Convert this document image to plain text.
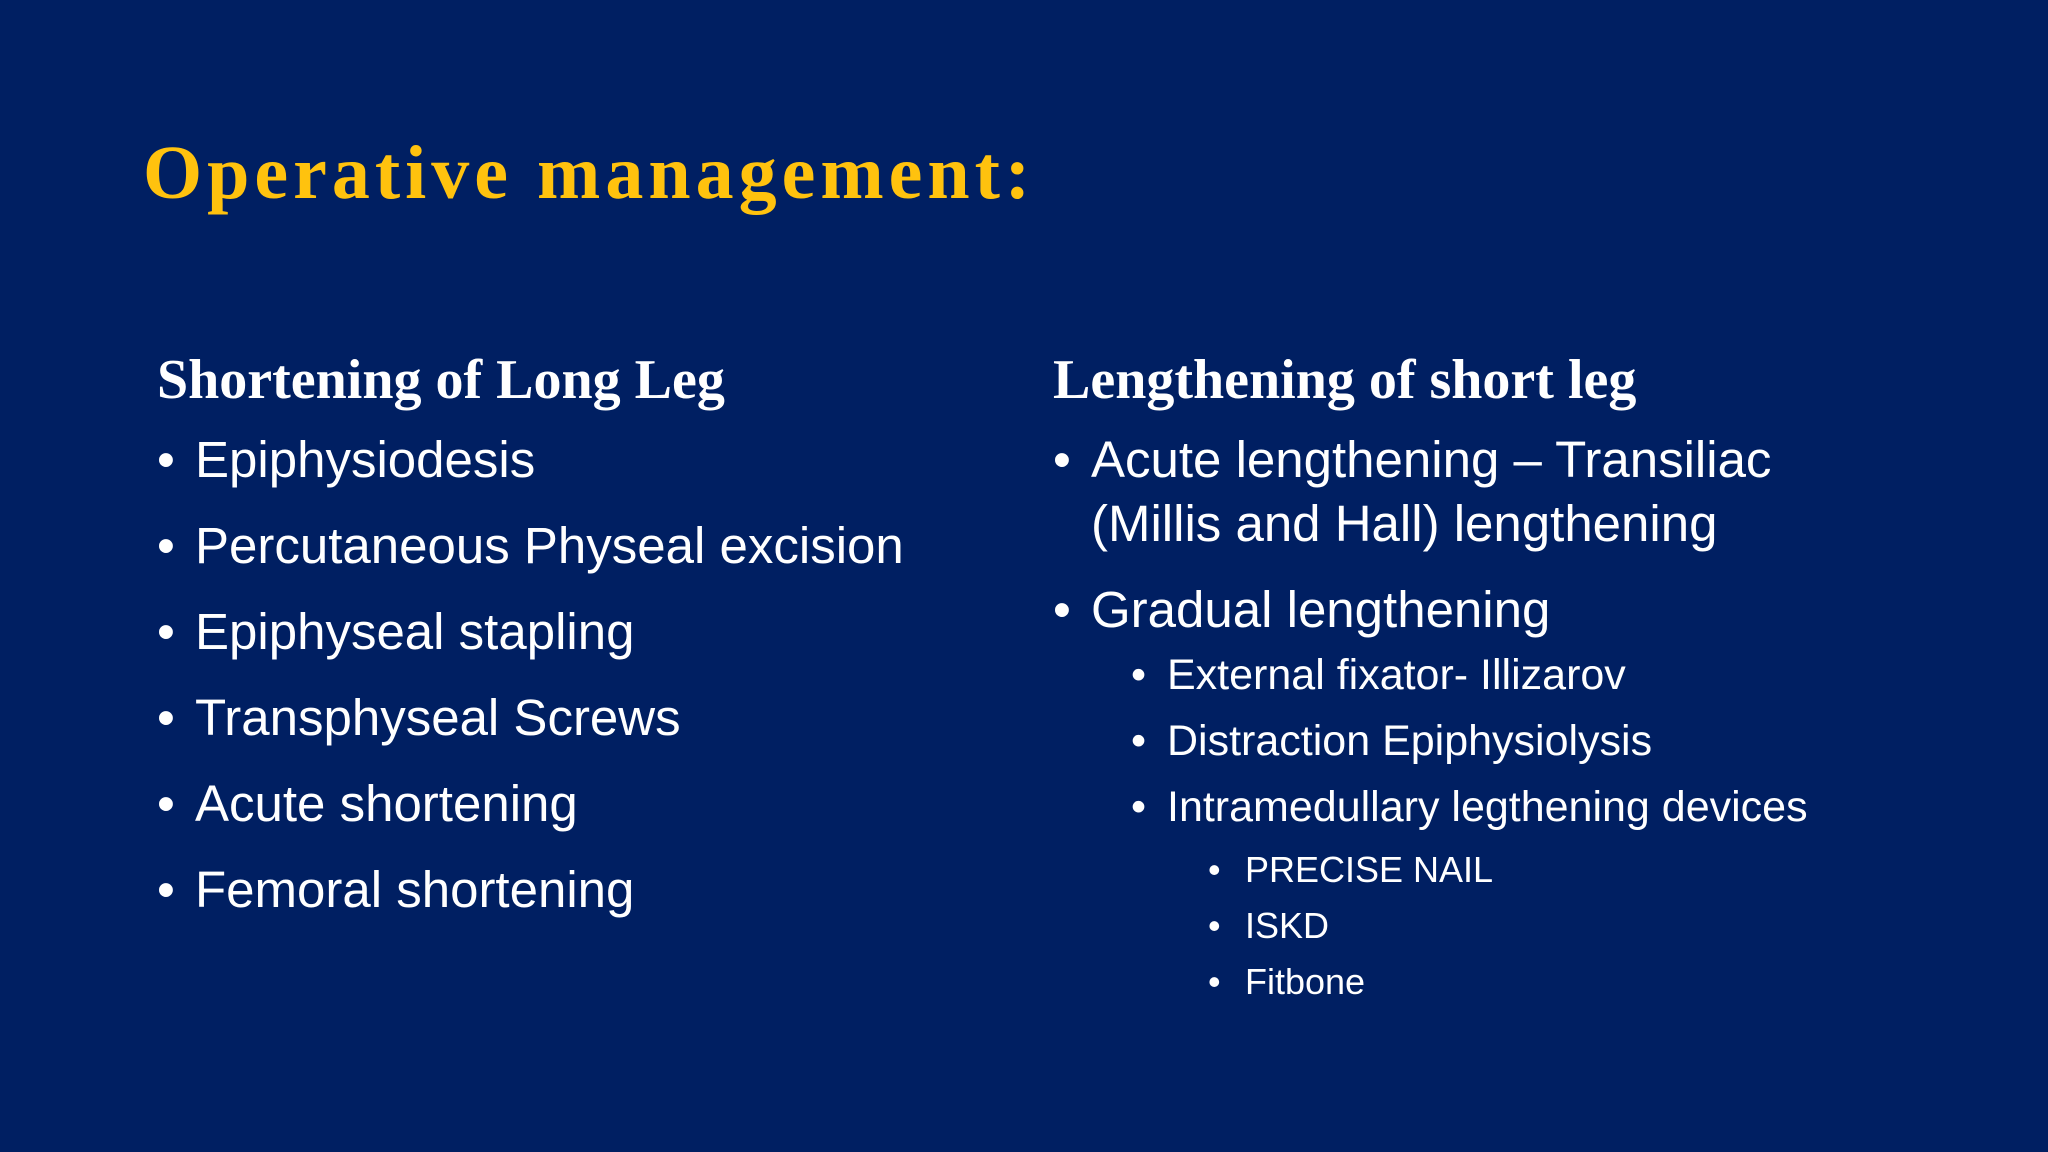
Operative management:
Shortening of Long Leg
• Epiphysiodesis
• Percutaneous Physeal excision
• Epiphyseal stapling
• Transphyseal Screws
• Acute shortening
• Femoral shortening
Lengthening of short leg
• Acute lengthening – Transiliac
(Millis and Hall) lengthening
• Gradual lengthening
• External fixator- Illizarov
• Distraction Epiphysiolysis
• Intramedullary legthening devices
• PRECISE NAIL
• ISKD
• Fitbone
